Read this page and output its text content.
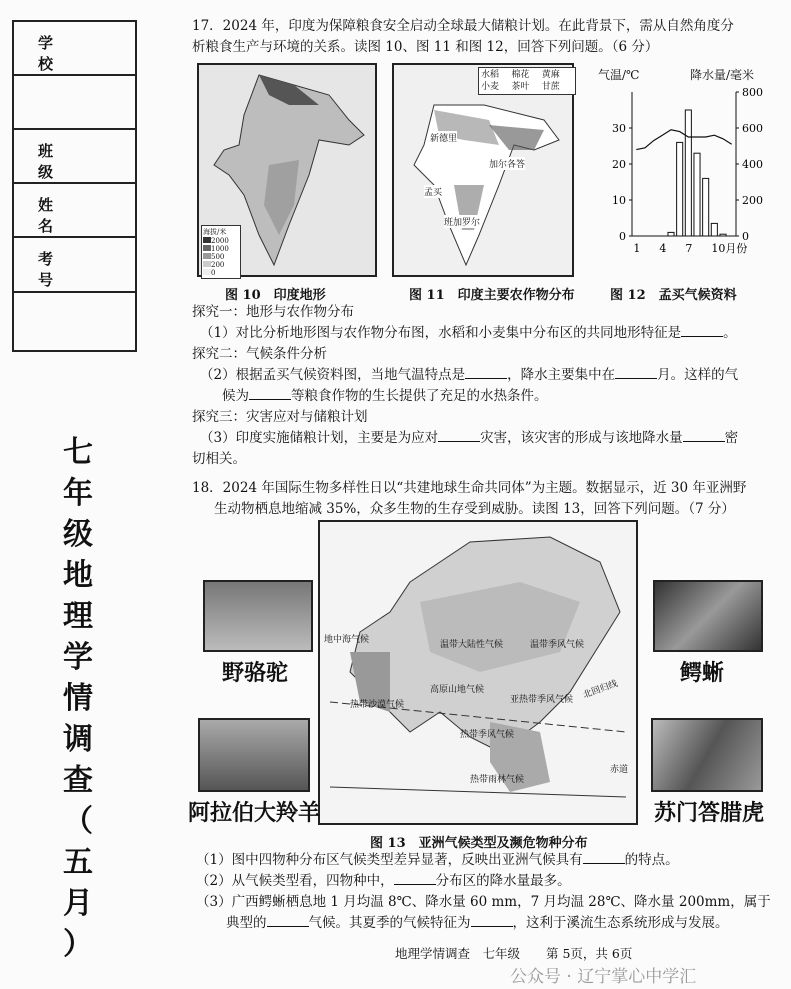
学校
班级
姓名
考号
七
年
级
地
理
学
情
调
查
（
五
月
）
17．2024 年，印度为保障粮食安全启动全球最大储粮计划。在此背景下，需从自然角度分
析粮食生产与环境的关系。读图 10、图 11 和图 12，回答下列问题。（6 分）
海拔/米
2000
1000
500
200
0
图 10　印度地形
水稻	棉花	黄麻
小麦	茶叶	甘蔗
新德里
加尔各答
孟买
班加罗尔
图 11　印度主要农作物分布
0
10
20
30
0
200
400
600
800
1 4 7 10月份
气温/℃	降水量/毫米
图 12　孟买气候资料
探究一：地形与农作物分布
（1）对比分析地形图与农作物分布图，水稻和小麦集中分布区的共同地形特征是	。
探究二：气候条件分析
（2）根据孟买气候资料图，当地气温特点是	，降水主要集中在	月。这样的气
候为	等粮食作物的生长提供了充足的水热条件。
探究三：灾害应对与储粮计划
（3）印度实施储粮计划，主要是为应对	灾害，该灾害的形成与该地降水量	密
切相关。
18．2024 年国际生物多样性日以“共建地球生命共同体”为主题。数据显示，近 30 年亚洲野
生动物栖息地缩减 35%，众多生物的生存受到威胁。读图 13，回答下列问题。（7 分）
地中海气候	温带大陆性气候	温带季风气候
高原山地气候
亚热带季风气候
热带季风气候
热带雨林气候
热带沙漠气候
北回归线
赤道
图 13　亚洲气候类型及濒危物种分布
野骆驼
阿拉伯大羚羊
鳄蜥
苏门答腊虎
（1）图中四物种分布区气候类型差异显著，反映出亚洲气候具有	的特点。
（2）从气候类型看，四物种中，	分布区的降水量最多。
（3）广西鳄蜥栖息地 1 月均温 8℃、降水量 60 mm，7 月均温 28℃、降水量 200mm，属于
典型的	气候。其夏季的气候特征为	，这利于溪流生态系统形成与发展。
地理学情调查　七年级 第 5页，共 6页
公众号 · 辽宁掌心中学汇
